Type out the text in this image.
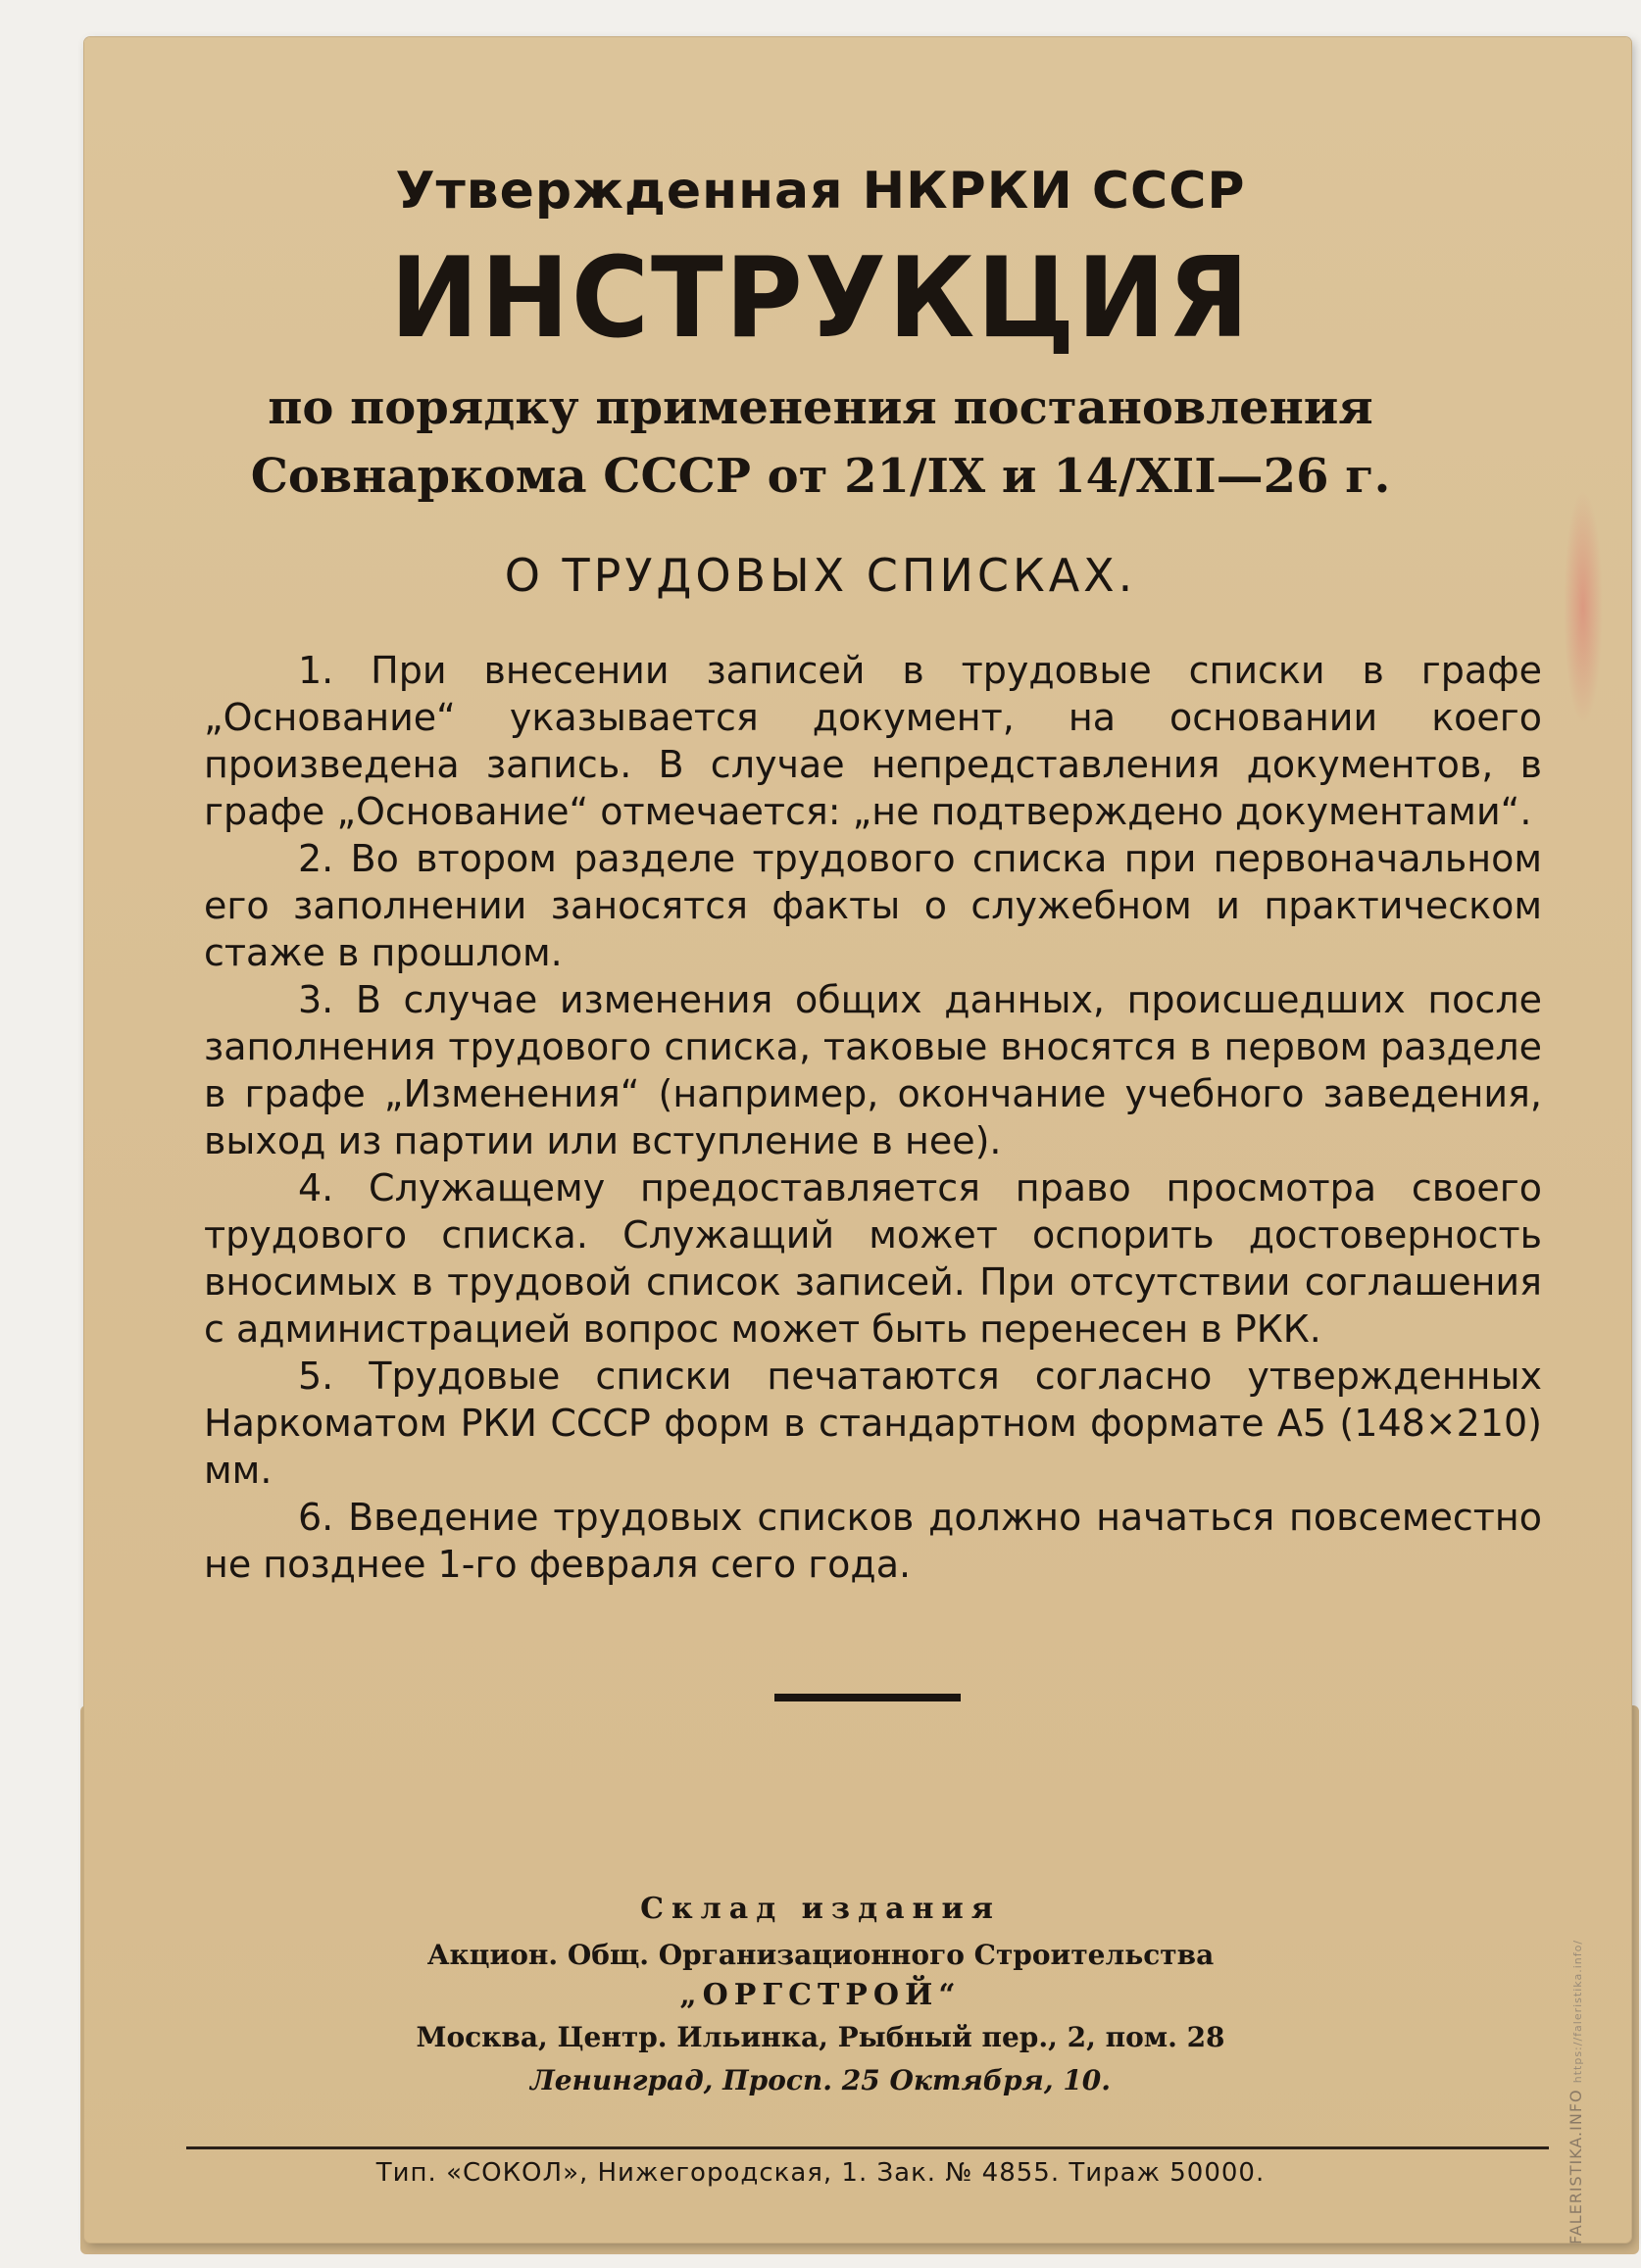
Утвержденная НКРКИ СССР

ИНСТРУКЦИЯ

по порядку применения постановления

Совнаркома СССР от 21/IX и 14/XII—26 г.

О ТРУДОВЫХ СПИСКАХ.

1. При внесении записей в трудовые списки в графе „Основание“ указывается документ, на основании коего произведена запись. В случае непредставления документов, в графе „Основание“ отмечается: „не подтверждено документами“.

2. Во втором разделе трудового списка при первоначальном его заполнении заносятся факты о служебном и практическом стаже в прошлом.

3. В случае изменения общих данных, происшедших после заполнения трудового списка, таковые вносятся в первом разделе в графе „Изменения“ (например, окончание учебного заведения, выход из партии или вступление в нее).

4. Служащему предоставляется право просмотра своего трудового списка. Служащий может оспорить достоверность вносимых в трудовой список записей. При отсутствии соглашения с администрацией вопрос может быть перенесен в РКК.

5. Трудовые списки печатаются согласно утвержденных Наркоматом РКИ СССР форм в стандартном формате А5 (148×210) мм.

6. Введение трудовых списков должно начаться повсеместно не позднее 1-го февраля сего года.

Склад издания

Акцион. Общ. Организационного Строительства

„ОРГСТРОЙ“

Москва, Центр. Ильинка, Рыбный пер., 2, пом. 28

Ленинград, Просп. 25 Октября, 10.

Тип. «СОКОЛ», Нижегородская, 1. Зак. № 4855. Тираж 50000.	FALERISTIKA.INFO https://faleristika.info/
